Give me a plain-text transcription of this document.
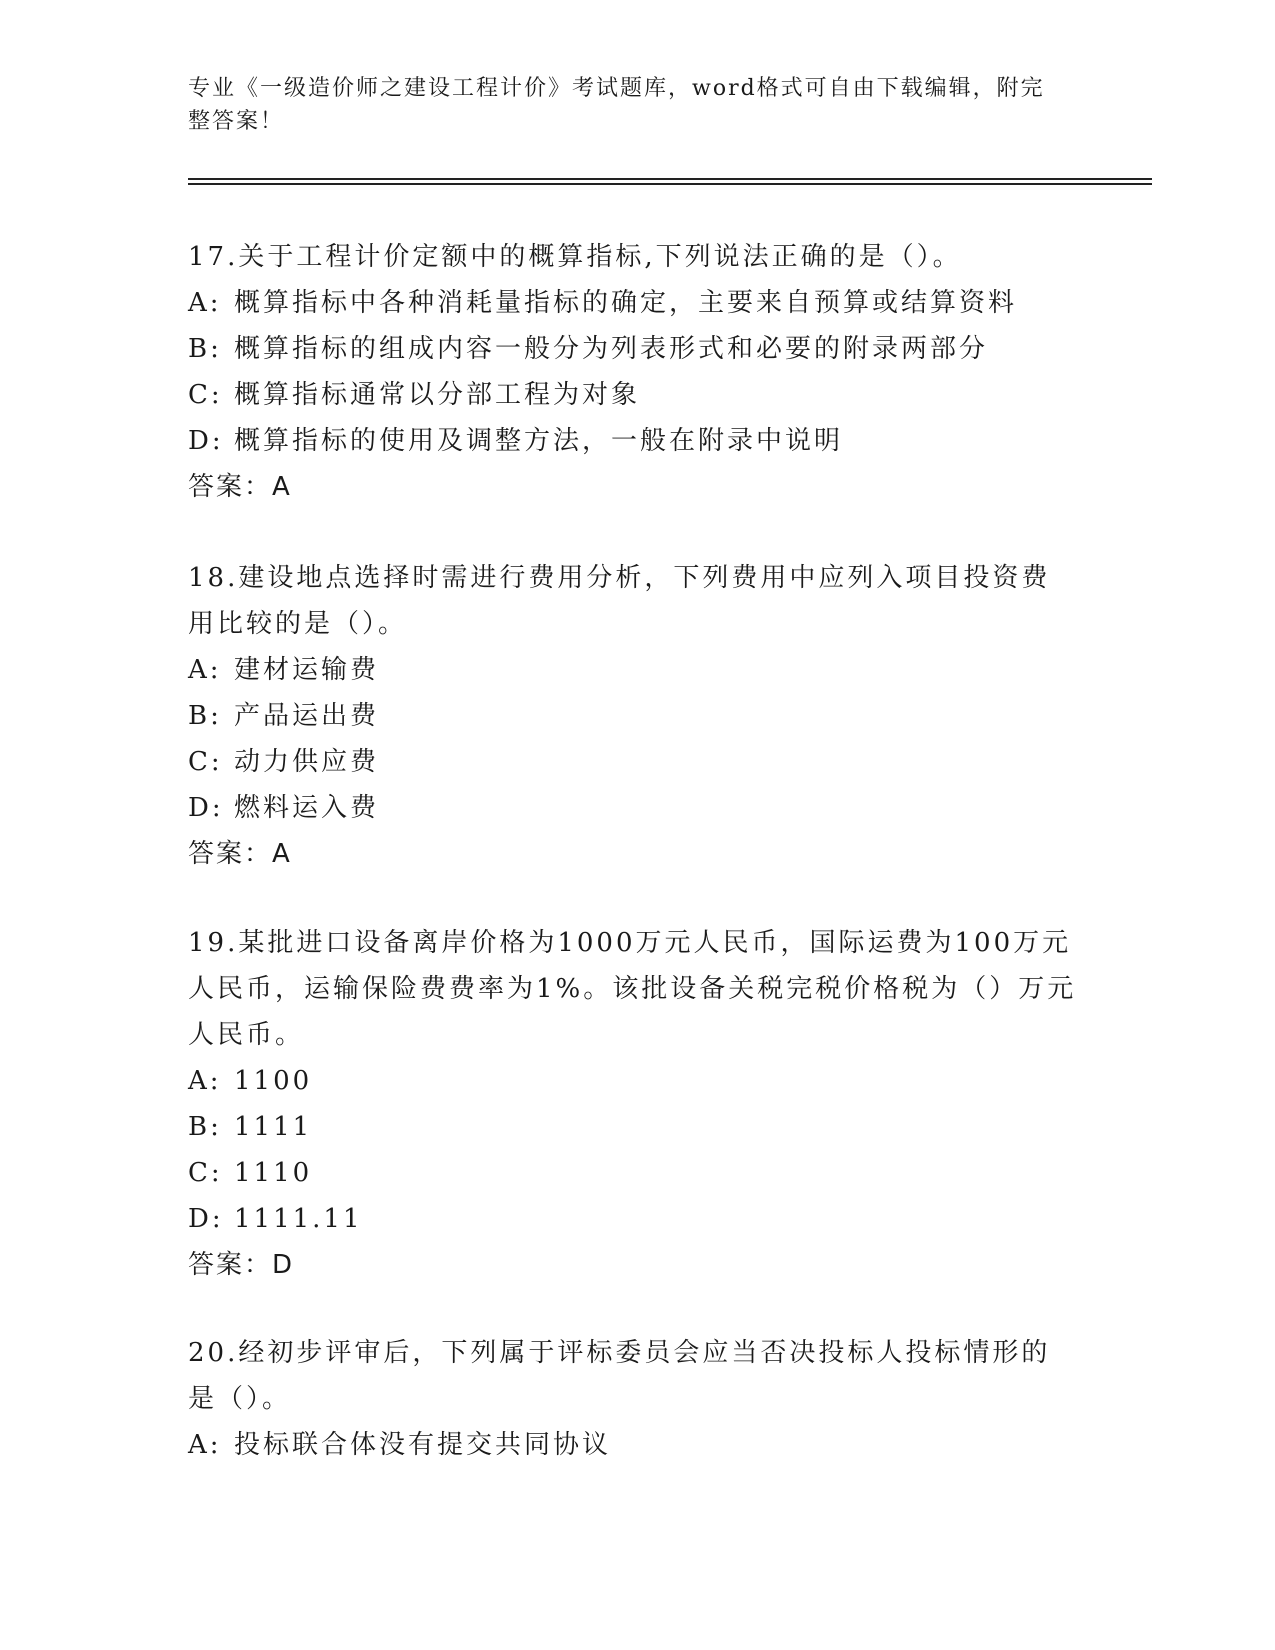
专业《一级造价师之建设工程计价》考试题库，word格式可自由下载编辑，附完整答案！
17.关于工程计价定额中的概算指标,下列说法正确的是（）。
A: 概算指标中各种消耗量指标的确定，主要来自预算或结算资料
B: 概算指标的组成内容一般分为列表形式和必要的附录两部分
C: 概算指标通常以分部工程为对象
D: 概算指标的使用及调整方法，一般在附录中说明
答案：A
18.建设地点选择时需进行费用分析，下列费用中应列入项目投资费用比较的是（）。
A: 建材运输费
B: 产品运出费
C: 动力供应费
D: 燃料运入费
答案：A
19.某批进口设备离岸价格为1000万元人民币，国际运费为100万元人民币，运输保险费费率为1%。该批设备关税完税价格税为（）万元人民币。
A: 1100
B: 1111
C: 1110
D: 1111.11
答案：D
20.经初步评审后，下列属于评标委员会应当否决投标人投标情形的是（）。
A: 投标联合体没有提交共同协议
